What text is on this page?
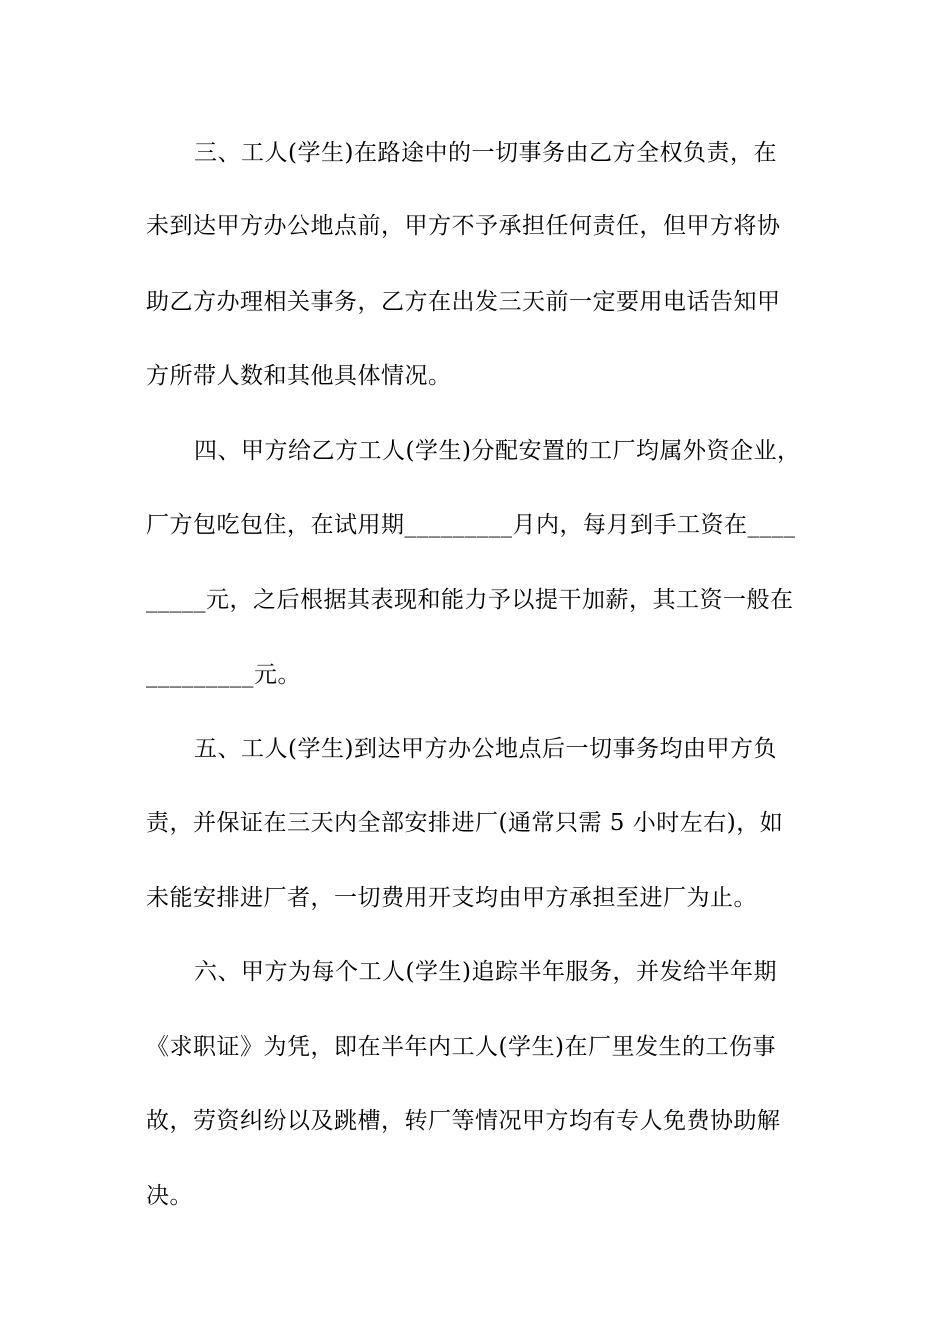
三、工人(学生)在路途中的一切事务由乙方全权负责，在
未到达甲方办公地点前，甲方不予承担任何责任，但甲方将协
助乙方办理相关事务，乙方在出发三天前一定要用电话告知甲
方所带人数和其他具体情况。
四、甲方给乙方工人(学生)分配安置的工厂均属外资企业，
厂方包吃包住，在试用期_________月内，每月到手工资在____
_____元，之后根据其表现和能力予以提干加薪，其工资一般在
_________元。
五、工人(学生)到达甲方办公地点后一切事务均由甲方负
责，并保证在三天内全部安排进厂(通常只需 5 小时左右)，如
未能安排进厂者，一切费用开支均由甲方承担至进厂为止。
六、甲方为每个工人(学生)追踪半年服务，并发给半年期
《求职证》为凭，即在半年内工人(学生)在厂里发生的工伤事
故，劳资纠纷以及跳槽，转厂等情况甲方均有专人免费协助解
决。
